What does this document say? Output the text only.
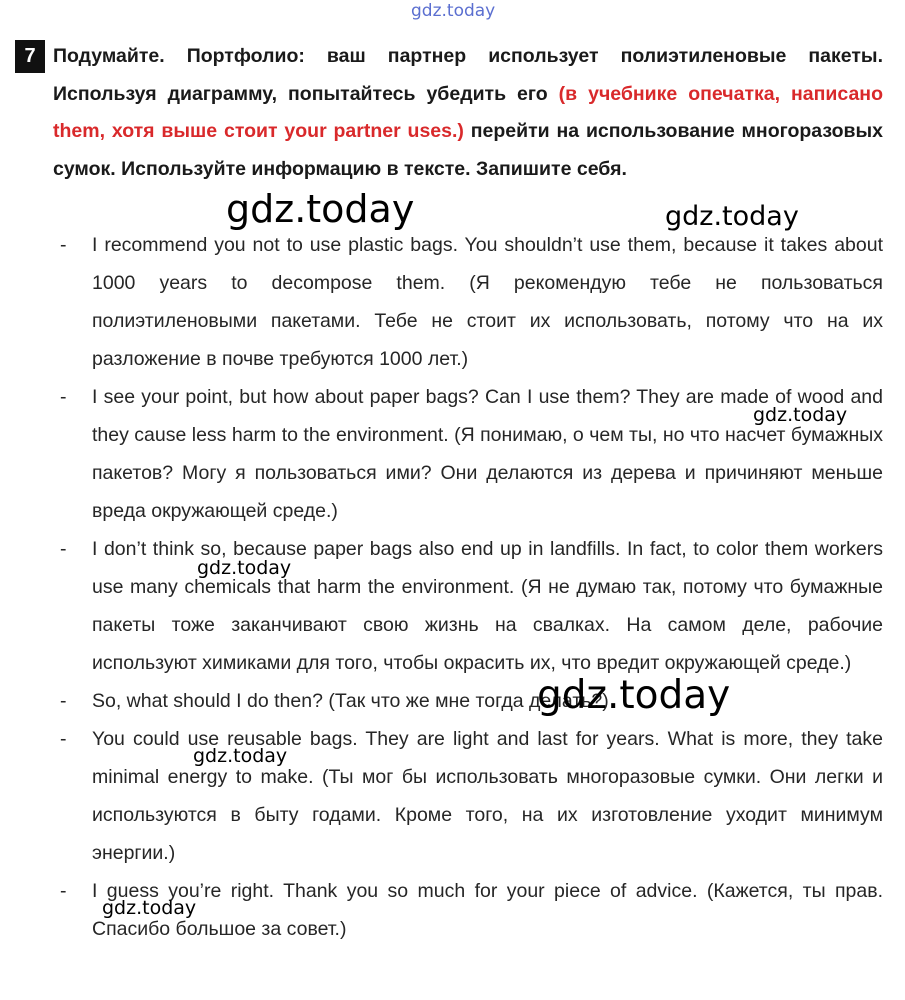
gdz.today
7 Подумайте. Портфолио: ваш партнер использует полиэтиленовые пакеты. Используя диаграмму, попытайтесь убедить его (в учебнике опечатка, написано them, хотя выше стоит your partner uses.) перейти на использование многоразовых сумок. Используйте информацию в тексте. Запишите себя.
- I recommend you not to use plastic bags. You shouldn’t use them, because it takes about 1000 years to decompose them. (Я рекомендую тебе не пользоваться полиэтиленовыми пакетами. Тебе не стоит их использовать, потому что на их разложение в почве требуются 1000 лет.)
- I see your point, but how about paper bags? Can I use them? They are made of wood and they cause less harm to the environment. (Я понимаю, о чем ты, но что насчет бумажных пакетов? Могу я пользоваться ими? Они делаются из дерева и причиняют меньше вреда окружающей среде.)
- I don’t think so, because paper bags also end up in landfills. In fact, to color them workers use many chemicals that harm the environment. (Я не думаю так, потому что бумажные пакеты тоже заканчивают свою жизнь на свалках. На самом деле, рабочие используют химиками для того, чтобы окрасить их, что вредит окружающей среде.)
- So, what should I do then? (Так что же мне тогда делать?)
- You could use reusable bags. They are light and last for years. What is more, they take minimal energy to make. (Ты мог бы использовать многоразовые сумки. Они легки и используются в быту годами. Кроме того, на их изготовление уходит минимум энергии.)
- I guess you’re right. Thank you so much for your piece of advice. (Кажется, ты прав. Спасибо большое за совет.)
gdz.today	gdz.today
gdz.today
gdz.today
gdz.today
gdz.today
gdz.today
